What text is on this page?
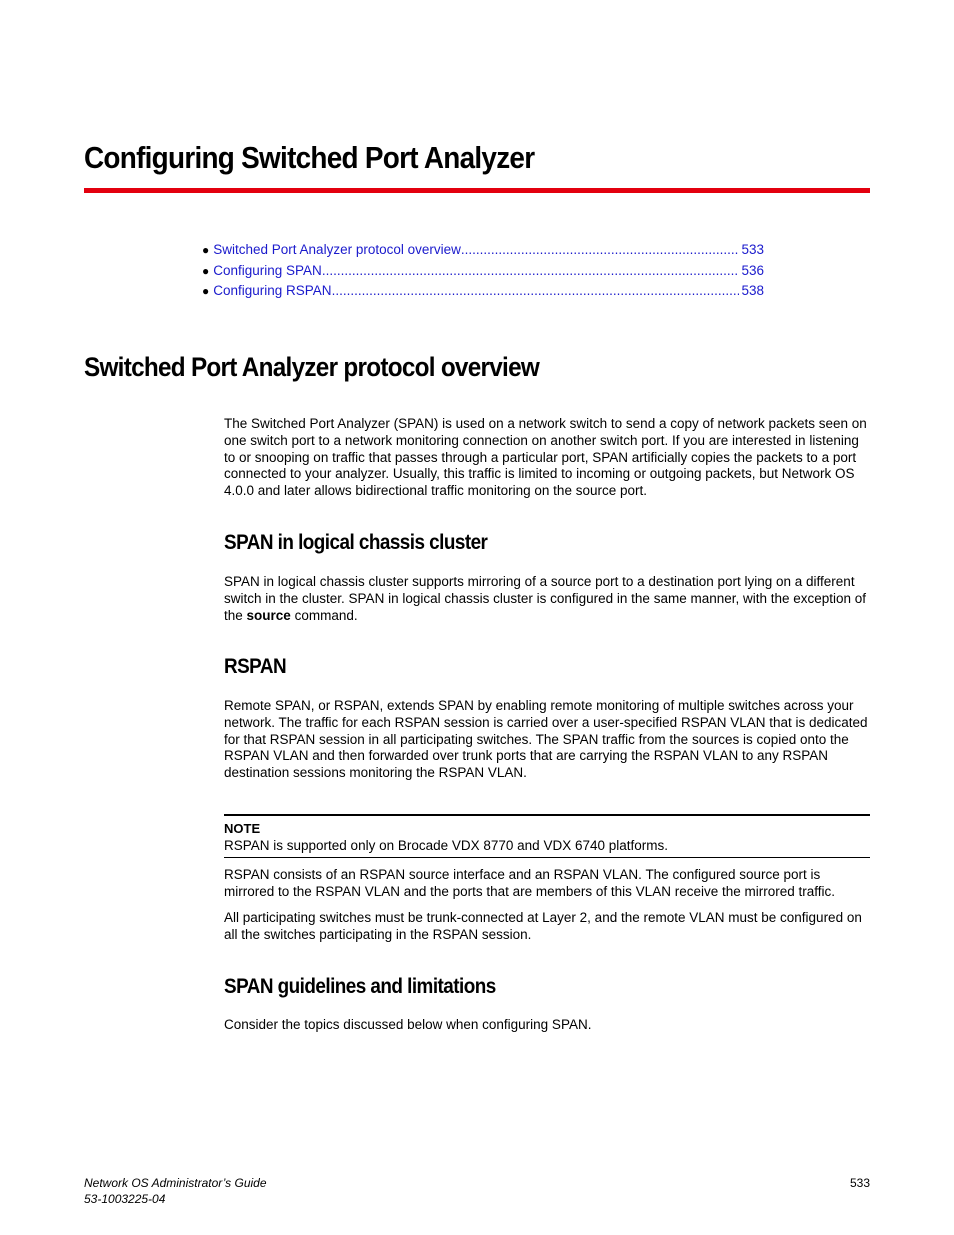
Configuring Switched Port Analyzer
● Switched Port Analyzer protocol overview .....	533
● Configuring SPAN .....	536
● Configuring RSPAN .....	538
Switched Port Analyzer protocol overview

The Switched Port Analyzer (SPAN) is used on a network switch to send a copy of network packets seen on one switch port to a network monitoring connection on another switch port. If you are interested in listening to or snooping on traffic that passes through a particular port, SPAN artificially copies the packets to a port connected to your analyzer. Usually, this traffic is limited to incoming or outgoing packets, but Network OS 4.0.0 and later allows bidirectional traffic monitoring on the source port.

SPAN in logical chassis cluster

SPAN in logical chassis cluster supports mirroring of a source port to a destination port lying on a different switch in the cluster. SPAN in logical chassis cluster is configured in the same manner, with the exception of the source command.

RSPAN

Remote SPAN, or RSPAN, extends SPAN by enabling remote monitoring of multiple switches across your network. The traffic for each RSPAN session is carried over a user-specified RSPAN VLAN that is dedicated for that RSPAN session in all participating switches. The SPAN traffic from the sources is copied onto the RSPAN VLAN and then forwarded over trunk ports that are carrying the RSPAN VLAN to any RSPAN destination sessions monitoring the RSPAN VLAN.

NOTE
RSPAN is supported only on Brocade VDX 8770 and VDX 6740 platforms.

RSPAN consists of an RSPAN source interface and an RSPAN VLAN. The configured source port is mirrored to the RSPAN VLAN and the ports that are members of this VLAN receive the mirrored traffic.

All participating switches must be trunk-connected at Layer 2, and the remote VLAN must be configured on all the switches participating in the RSPAN session.

SPAN guidelines and limitations

Consider the topics discussed below when configuring SPAN.

Network OS Administrator’s Guide
53-1003225-04
533
